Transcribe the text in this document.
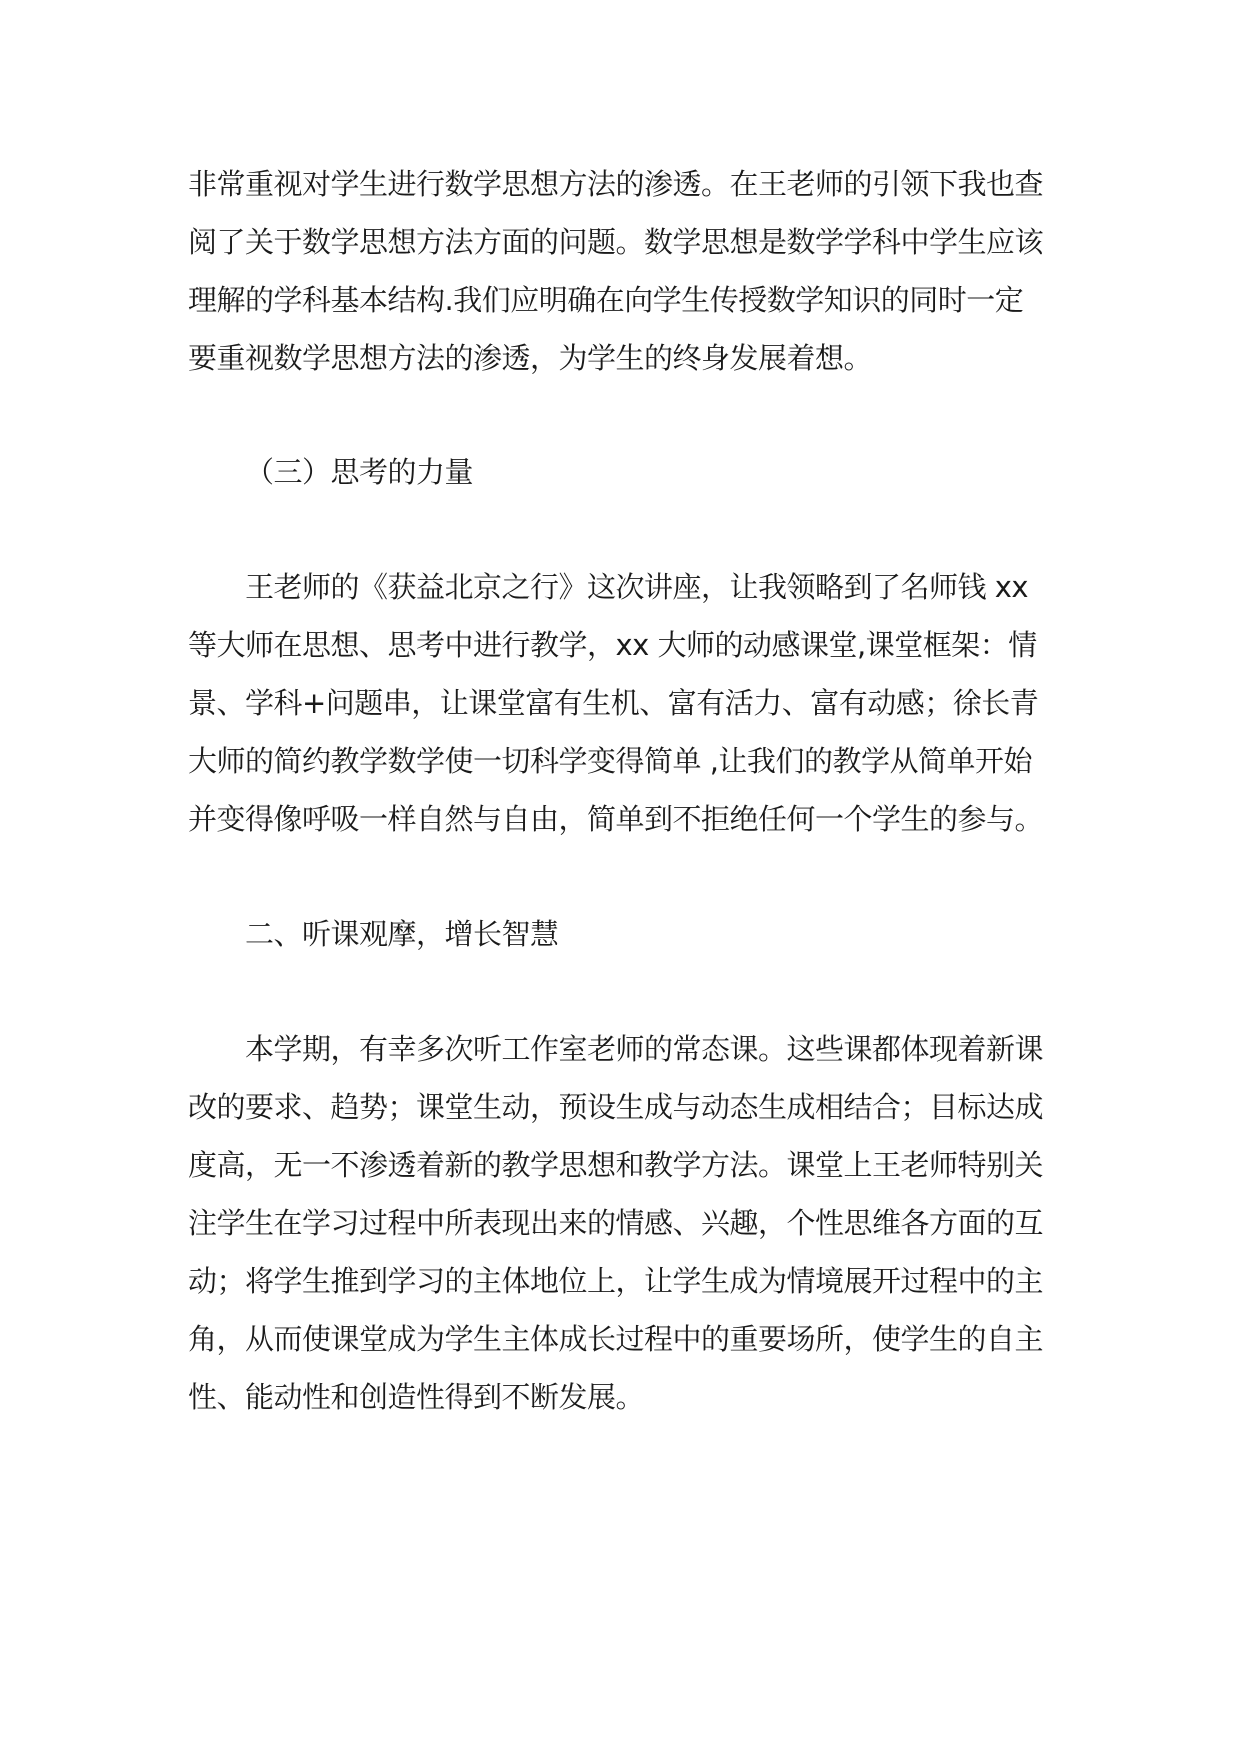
非常重视对学生进行数学思想方法的渗透。在王老师的引领下我也查
阅了关于数学思想方法方面的问题。数学思想是数学学科中学生应该
理解的学科基本结构.我们应明确在向学生传授数学知识的同时一定
要重视数学思想方法的渗透，为学生的终身发展着想。
（三）思考的力量
王老师的《获益北京之行》这次讲座，让我领略到了名师钱 xx
等大师在思想、思考中进行教学，xx 大师的动感课堂,课堂框架：情
景、学科+问题串，让课堂富有生机、富有活力、富有动感；徐长青
大师的简约教学数学使一切科学变得简单 ,让我们的教学从简单开始
并变得像呼吸一样自然与自由，简单到不拒绝任何一个学生的参与。
二、听课观摩，增长智慧
本学期，有幸多次听工作室老师的常态课。这些课都体现着新课
改的要求、趋势；课堂生动，预设生成与动态生成相结合；目标达成
度高，无一不渗透着新的教学思想和教学方法。课堂上王老师特别关
注学生在学习过程中所表现出来的情感、兴趣，个性思维各方面的互
动；将学生推到学习的主体地位上，让学生成为情境展开过程中的主
角，从而使课堂成为学生主体成长过程中的重要场所，使学生的自主
性、能动性和创造性得到不断发展。
